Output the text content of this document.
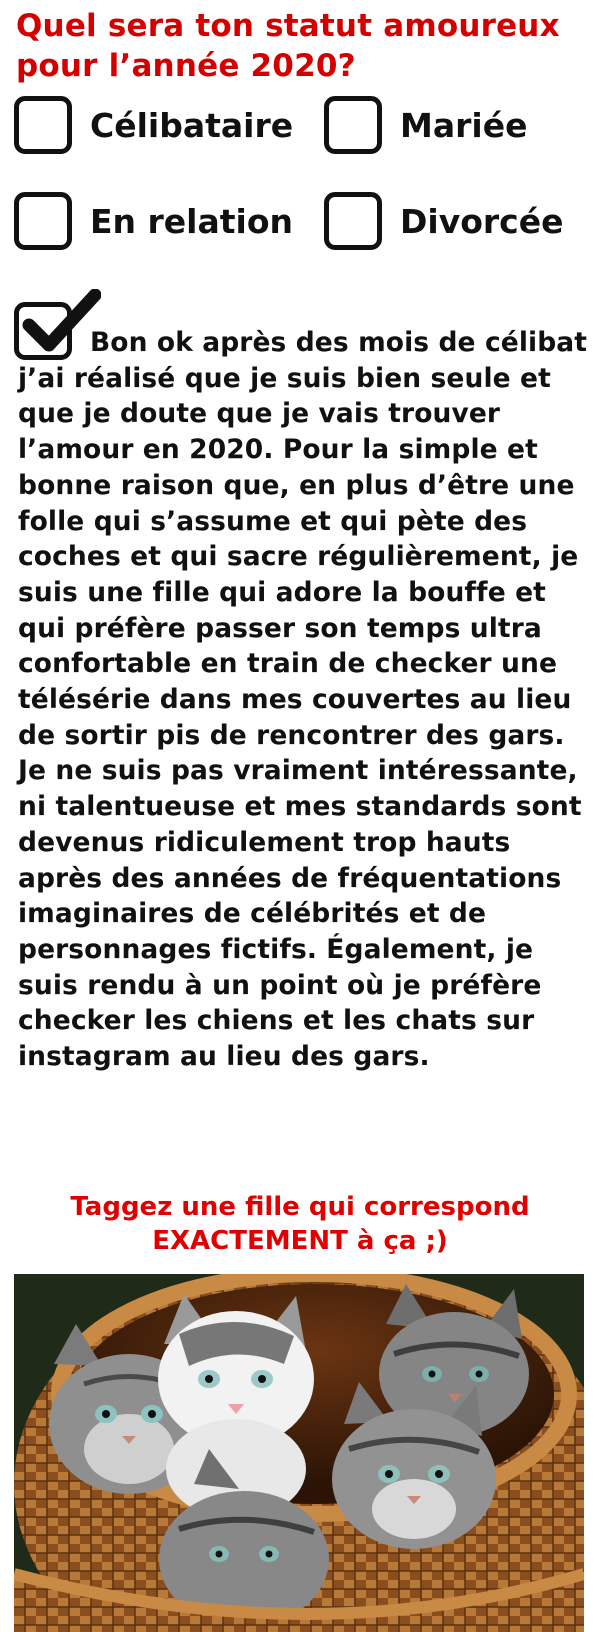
Quel sera ton statut amoureux pour l’année 2020?
Célibataire	Mariée
En relation	Divorcée
Bon ok après des mois de célibat j’ai réalisé que je suis bien seule et que je doute que je vais trouver l’amour en 2020. Pour la simple et bonne raison que, en plus d’être une folle qui s’assume et qui pète des coches et qui sacre régulièrement, je suis une fille qui adore la bouffe et qui préfère passer son temps ultra confortable en train de checker une télésérie dans mes couvertes au lieu de sortir pis de rencontrer des gars. Je ne suis pas vraiment intéressante, ni talentueuse et mes standards sont devenus ridiculement trop hauts après des années de fréquentations imaginaires de célébrités et de personnages fictifs. Également, je suis rendu à un point où je préfère checker les chiens et les chats sur instagram au lieu des gars.
Taggez une fille qui correspond
EXACTEMENT à ça ;)
